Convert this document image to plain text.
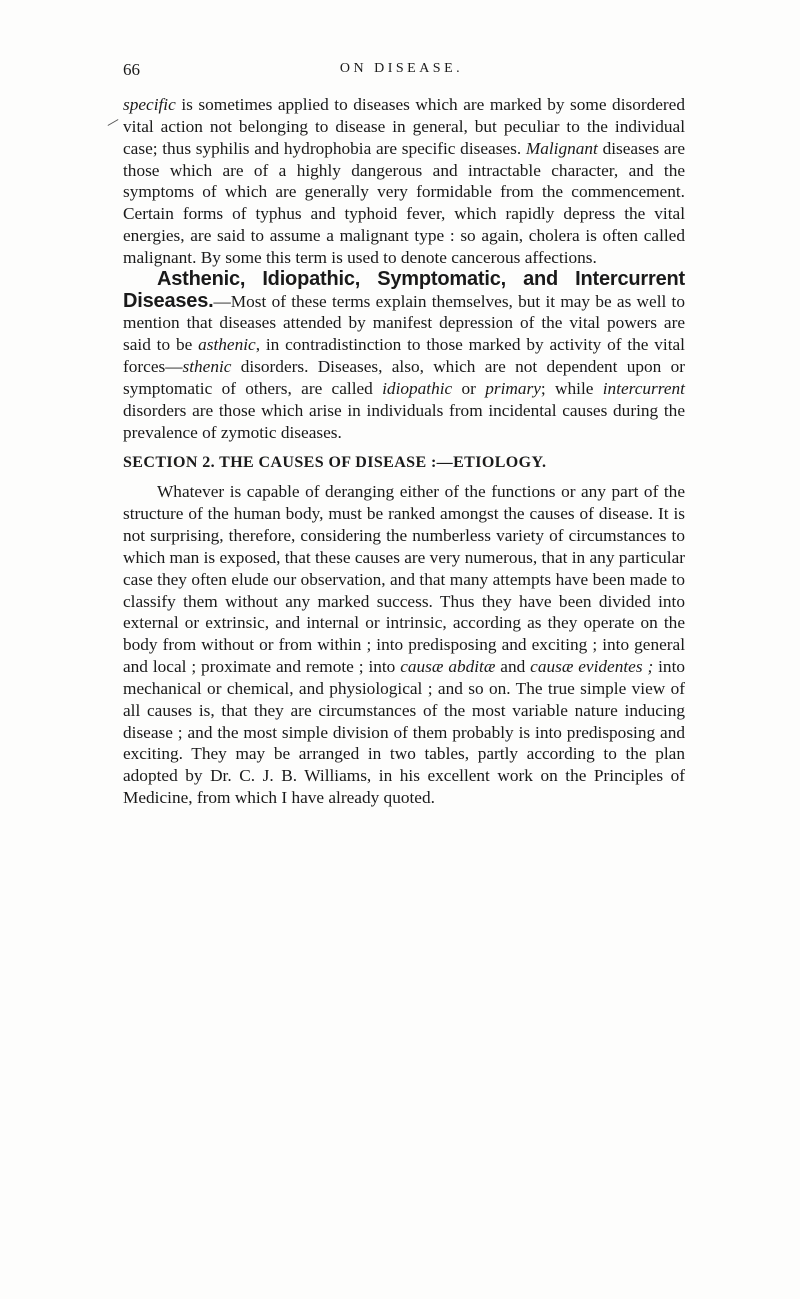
66	ON DISEASE.

specific is sometimes applied to diseases which are marked by some disordered vital action not belonging to disease in general, but peculiar to the individual case; thus syphilis and hydrophobia are specific diseases. Malignant diseases are those which are of a highly dangerous and intractable character, and the symptoms of which are generally very formidable from the commencement. Certain forms of typhus and typhoid fever, which rapidly depress the vital energies, are said to assume a malignant type : so again, cholera is often called malignant. By some this term is used to denote cancerous affections.

Asthenic, Idiopathic, Symptomatic, and Intercurrent Diseases.—Most of these terms explain themselves, but it may be as well to mention that diseases attended by manifest depression of the vital powers are said to be asthenic, in contradistinction to those marked by activity of the vital forces—sthenic disorders. Diseases, also, which are not dependent upon or symptomatic of others, are called idiopathic or primary; while intercurrent disorders are those which arise in individuals from incidental causes during the prevalence of zymotic diseases.

SECTION 2. THE CAUSES OF DISEASE :—ETIOLOGY.

Whatever is capable of deranging either of the functions or any part of the structure of the human body, must be ranked amongst the causes of disease. It is not surprising, therefore, considering the numberless variety of circumstances to which man is exposed, that these causes are very numerous, that in any particular case they often elude our observation, and that many attempts have been made to classify them without any marked success. Thus they have been divided into external or extrinsic, and internal or intrinsic, according as they operate on the body from without or from within ; into predisposing and exciting ; into general and local ; proximate and remote ; into causæ abditæ and causæ evidentes ; into mechanical or chemical, and physiological ; and so on. The true simple view of all causes is, that they are circumstances of the most variable nature inducing disease ; and the most simple division of them probably is into predisposing and exciting. They may be arranged in two tables, partly according to the plan adopted by Dr. C. J. B. Williams, in his excellent work on the Principles of Medicine, from which I have already quoted.
